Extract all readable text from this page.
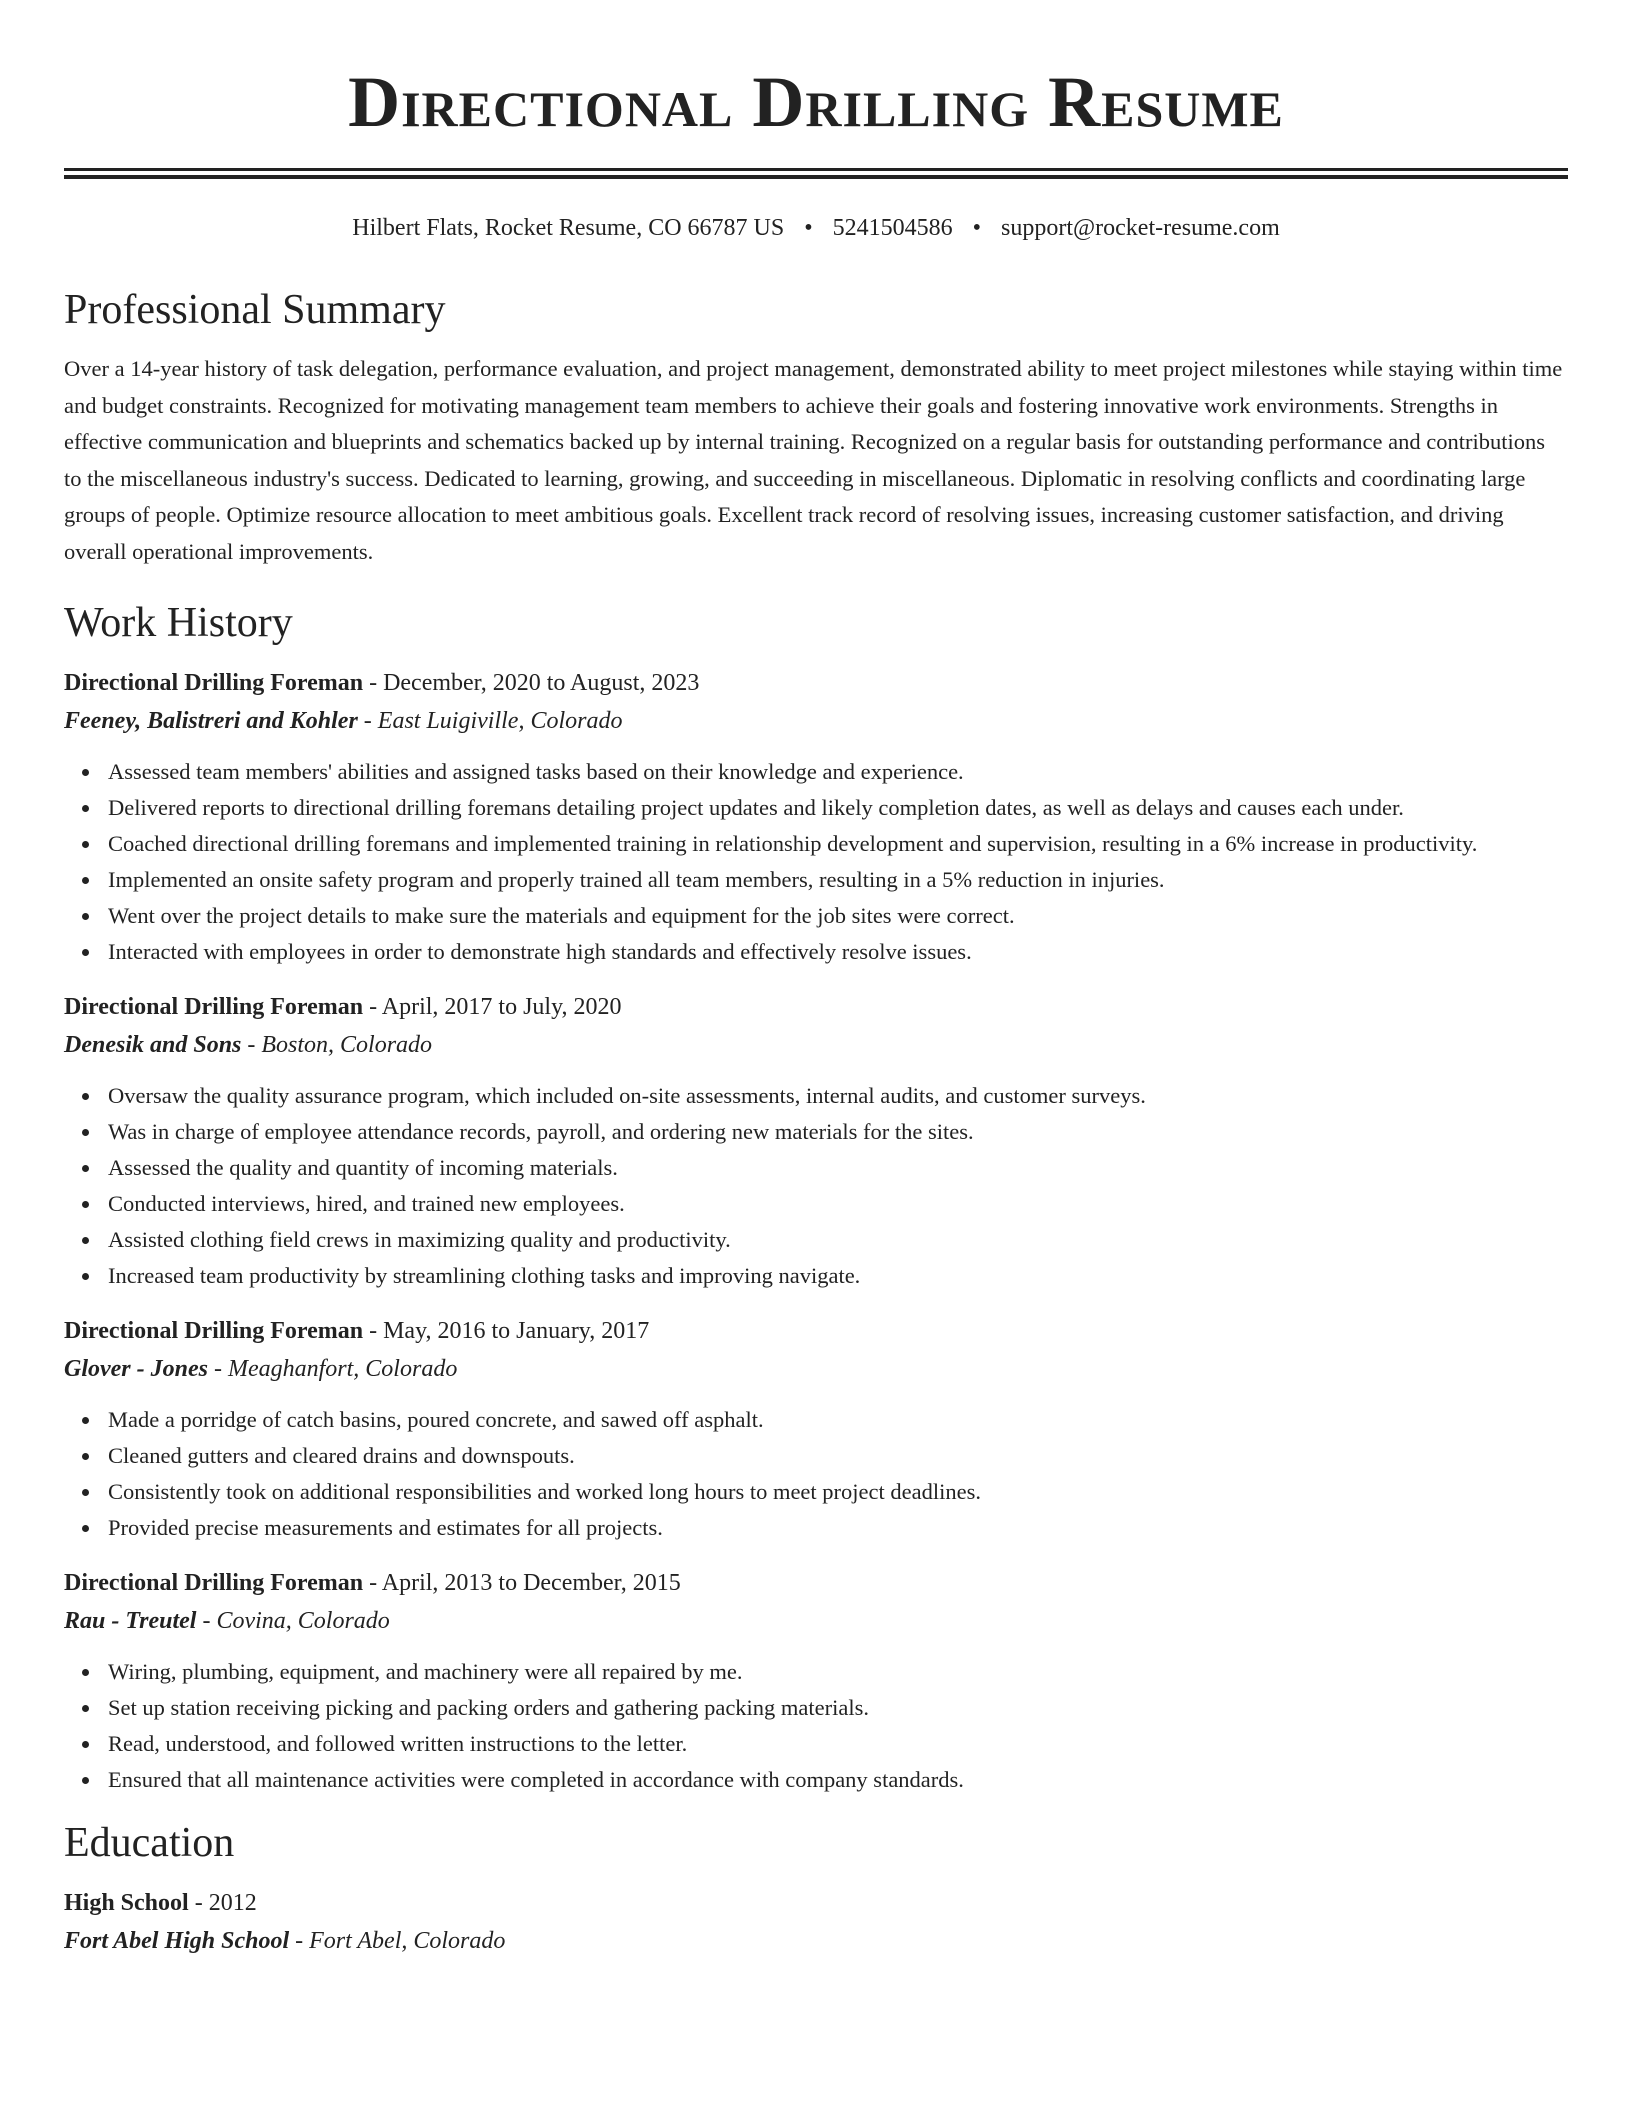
Directional Drilling Resume
Hilbert Flats, Rocket Resume, CO 66787 US • 5241504586 • support@rocket-resume.com
Professional Summary

Over a 14-year history of task delegation, performance evaluation, and project management, demonstrated ability to meet project milestones while staying within time and budget constraints. Recognized for motivating management team members to achieve their goals and fostering innovative work environments. Strengths in effective communication and blueprints and schematics backed up by internal training. Recognized on a regular basis for outstanding performance and contributions to the miscellaneous industry's success. Dedicated to learning, growing, and succeeding in miscellaneous. Diplomatic in resolving conflicts and coordinating large groups of people. Optimize resource allocation to meet ambitious goals. Excellent track record of resolving issues, increasing customer satisfaction, and driving overall operational improvements.

Work History
Directional Drilling Foreman - December, 2020 to August, 2023
Feeney, Balistreri and Kohler - East Luigiville, Colorado
Assessed team members' abilities and assigned tasks based on their knowledge and experience.
Delivered reports to directional drilling foremans detailing project updates and likely completion dates, as well as delays and causes each under.
Coached directional drilling foremans and implemented training in relationship development and supervision, resulting in a 6% increase in productivity.
Implemented an onsite safety program and properly trained all team members, resulting in a 5% reduction in injuries.
Went over the project details to make sure the materials and equipment for the job sites were correct.
Interacted with employees in order to demonstrate high standards and effectively resolve issues.
Directional Drilling Foreman - April, 2017 to July, 2020
Denesik and Sons - Boston, Colorado
Oversaw the quality assurance program, which included on-site assessments, internal audits, and customer surveys.
Was in charge of employee attendance records, payroll, and ordering new materials for the sites.
Assessed the quality and quantity of incoming materials.
Conducted interviews, hired, and trained new employees.
Assisted clothing field crews in maximizing quality and productivity.
Increased team productivity by streamlining clothing tasks and improving navigate.
Directional Drilling Foreman - May, 2016 to January, 2017
Glover - Jones - Meaghanfort, Colorado
Made a porridge of catch basins, poured concrete, and sawed off asphalt.
Cleaned gutters and cleared drains and downspouts.
Consistently took on additional responsibilities and worked long hours to meet project deadlines.
Provided precise measurements and estimates for all projects.
Directional Drilling Foreman - April, 2013 to December, 2015
Rau - Treutel - Covina, Colorado
Wiring, plumbing, equipment, and machinery were all repaired by me.
Set up station receiving picking and packing orders and gathering packing materials.
Read, understood, and followed written instructions to the letter.
Ensured that all maintenance activities were completed in accordance with company standards.
Education
High School - 2012
Fort Abel High School - Fort Abel, Colorado
